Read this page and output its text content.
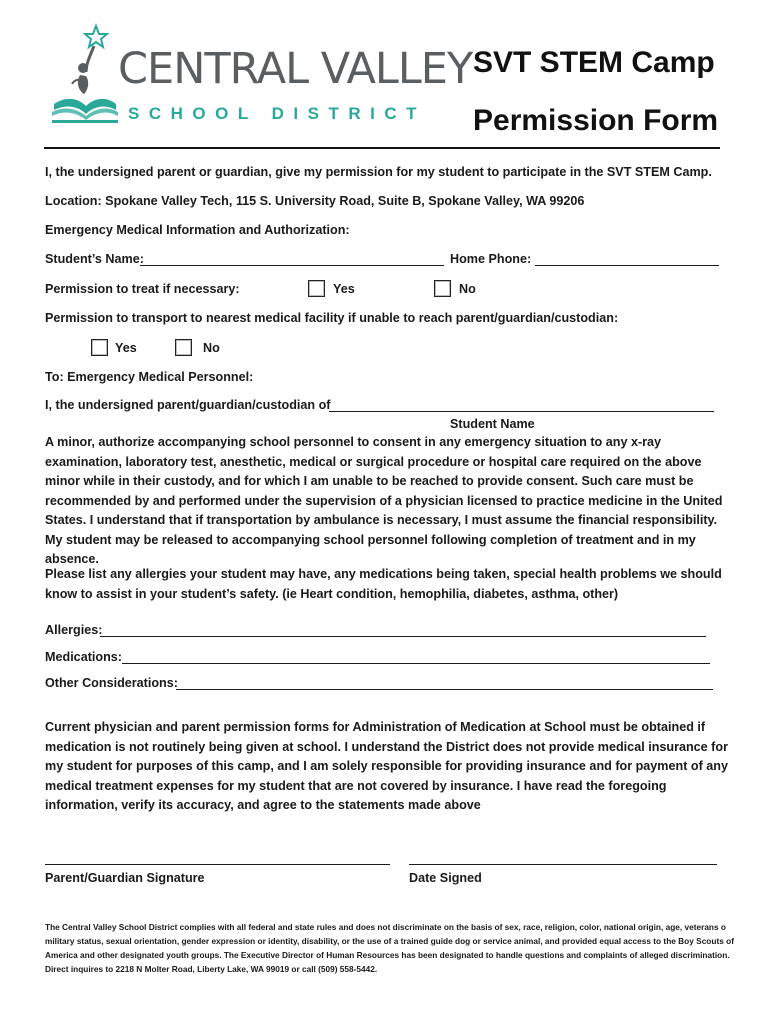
CENTRAL VALLEY
SCHOOL DISTRICT
SVT STEM Camp
Permission Form
I, the undersigned parent or guardian, give my permission for my student to participate in the SVT STEM Camp.
Location: Spokane Valley Tech, 115 S. University Road, Suite B, Spokane Valley, WA 99206
Emergency Medical Information and Authorization:
Student’s Name:	Home Phone:
Permission to treat if necessary:	Yes	No
Permission to transport to nearest medical facility if unable to reach parent/guardian/custodian:
Yes	No
To: Emergency Medical Personnel:
I, the undersigned parent/guardian/custodian of
Student Name
A minor, authorize accompanying school personnel to consent in any emergency situation to any x-ray examination, laboratory test, anesthetic, medical or surgical procedure or hospital care required on the above minor while in their custody, and for which I am unable to be reached to provide consent. Such care must be recommended by and performed under the supervision of a physician licensed to practice medicine in the United States. I understand that if transportation by ambulance is necessary, I must assume the financial responsibility. My student may be released to accompanying school personnel following completion of treatment and in my absence.
Please list any allergies your student may have, any medications being taken, special health problems we should know to assist in your student’s safety. (ie Heart condition, hemophilia, diabetes, asthma, other)
Allergies:
Medications:
Other Considerations:
Current physician and parent permission forms for Administration of Medication at School must be obtained if medication is not routinely being given at school. I understand the District does not provide medical insurance for my student for purposes of this camp, and I am solely responsible for providing insurance and for payment of any medical treatment expenses for my student that are not covered by insurance. I have read the foregoing information, verify its accuracy, and agree to the statements made above
Parent/Guardian Signature	Date Signed
The Central Valley School District complies with all federal and state rules and does not discriminate on the basis of sex, race, religion, color, national origin, age, veterans o military status, sexual orientation, gender expression or identity, disability, or the use of a trained guide dog or service animal, and provided equal access to the Boy Scouts of America and other designated youth groups. The Executive Director of Human Resources has been designated to handle questions and complaints of alleged discrimination. Direct inquires to 2218 N Molter Road, Liberty Lake, WA 99019 or call (509) 558-5442.
